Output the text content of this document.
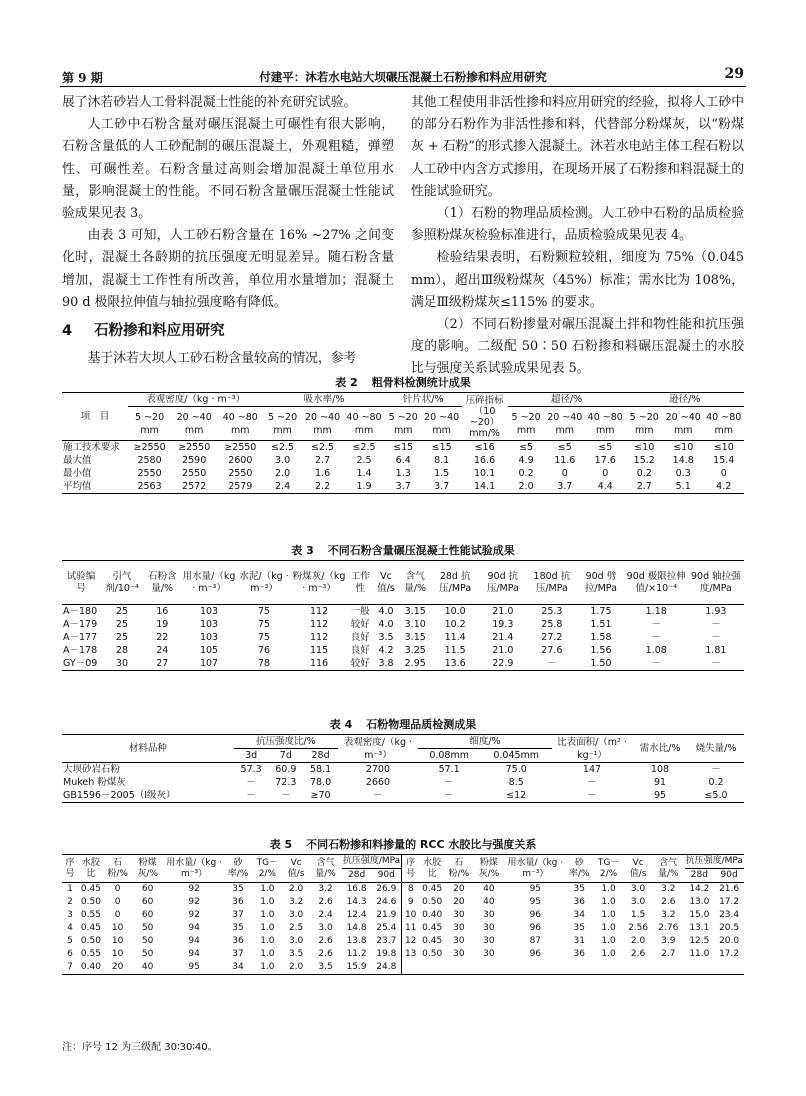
第 9 期	付建平：沐若水电站大坝碾压混凝土石粉掺和料应用研究	29

展了沐若砂岩人工骨料混凝土性能的补充研究试验。

人工砂中石粉含量对碾压混凝土可碾性有很大影响，石粉含量低的人工砂配制的碾压混凝土，外观粗糙，弹塑性、可碾性差。石粉含量过高则会增加混凝土单位用水量，影响混凝土的性能。不同石粉含量碾压混凝土性能试验成果见表 3。

由表 3 可知，人工砂石粉含量在 16% ~27% 之间变化时，混凝土各龄期的抗压强度无明显差异。随石粉含量增加，混凝土工作性有所改善，单位用水量增加；混凝土 90 d 极限拉伸值与轴拉强度略有降低。

4 石粉掺和料应用研究

基于沐若大坝人工砂石粉含量较高的情况，参考

其他工程使用非活性掺和料应用研究的经验，拟将人工砂中的部分石粉作为非活性掺和料，代替部分粉煤灰，以“粉煤灰 + 石粉”的形式掺入混凝土。沐若水电站主体工程石粉以人工砂中内含方式掺用，在现场开展了石粉掺和料混凝土的性能试验研究。

（1）石粉的物理品质检测。人工砂中石粉的品质检验参照粉煤灰检验标准进行，品质检验成果见表 4。

检验结果表明，石粉颗粒较粗，细度为 75%（0.045 mm），超出Ⅲ级粉煤灰（45%）标准；需水比为 108%，满足Ⅲ级粉煤灰≤115% 的要求。

（2）不同石粉掺量对碾压混凝土拌和物性能和抗压强度的影响。二级配 50∶50 石粉掺和料碾压混凝土的水胶比与强度关系试验成果见表 5。

表 2 粗骨料检测统计成果
项　目	表观密度/（kg · m⁻³）			吸水率/%			针片状/%		压碎指标（10 ~20）mm/%	超径/%			逊径/%		
	5 ~20 mm	20 ~40 mm	40 ~80 mm	5 ~20 mm	20 ~40 mm	40 ~80 mm	5 ~20 mm	20 ~40 mm		5 ~20 mm	20 ~40 mm	40 ~80 mm	5 ~20 mm	20 ~40 mm	40 ~80 mm
施工技术要求	≥2550	≥2550	≥2550	≤2.5	≤2.5	≤2.5	≤15	≤15	≤16	≤5	≤5	≤5	≤10	≤10	≤10
最大值	2580	2590	2600	3.0	2.7	2.5	6.4	8.1	16.6	4.9	11.6	17.6	15.2	14.8	15.4
最小值	2550	2550	2550	2.0	1.6	1.4	1.3	1.5	10.1	0.2	0	0	0.2	0.3	0
平均值	2563	2572	2579	2.4	2.2	1.9	3.7	3.7	14.1	2.0	3.7	4.4	2.7	5.1	4.2
表 3 不同石粉含量碾压混凝土性能试验成果
试验编号	引气剂/10⁻⁴	石粉含量/%	用水量/（kg · m⁻³）	水泥/（kg · m⁻³）	粉煤灰/（kg · m⁻³）	工作性	Vc 值/s	含气量/%	28d 抗压/MPa	90d 抗压/MPa	180d 抗压/MPa	90d 劈拉/MPa	90d 极限拉伸值/×10⁻⁴	90d 轴拉强度/MPa
A－180	25	16	103	75	112	一般	4.0	3.15	10.0	21.0	25.3	1.75	1.18	1.93
A－179	25	19	103	75	112	较好	4.0	3.10	10.2	19.3	25.8	1.51	－	－
A－177	25	22	103	75	112	良好	3.5	3.15	11.4	21.4	27.2	1.58	－	－
A－178	28	24	105	76	115	良好	4.2	3.25	11.5	21.0	27.6	1.56	1.08	1.81
GY－09	30	27	107	78	116	较好	3.8	2.95	13.6	22.9	－	1.50	－	－
表 4 石粉物理品质检测成果
材料品种	抗压强度比/%			表观密度/（kg · m⁻³）	细度/%		比表面积/（m² · kg⁻¹）	需水比/%	烧失量/%
	3d	7d	28d		0.08mm	0.045mm			
大坝砂岩石粉	57.3	60.9	58.1	2700	57.1	75.0	147	108	－
Mukeh 粉煤灰	－	72.3	78.0	2660	－	8.5	－	91	0.2
GB1596－2005（Ⅰ级灰）	－	－	≥70	－	－	≤12	－	95	≤5.0
表 5 不同石粉掺和料掺量的 RCC 水胶比与强度关系
序号	水胶比	石粉/%	粉煤灰/%	用水量/（kg · m⁻³）	砂率/%	TG－2/%	Vc 值/s	含气量/%	抗压强度/MPa		序号	水胶比	石粉/%	粉煤灰/%	用水量/（kg · m⁻³）	砂率/%	TG－2/%	Vc 值/s	含气量/%	抗压强度/MPa	
									28d	90d										28d	90d
1	0.45	0	60	92	35	1.0	2.0	3.2	16.8	26.9	8	0.45	20	40	95	35	1.0	3.0	3.2	14.2	21.6
2	0.50	0	60	92	36	1.0	3.2	2.6	14.3	24.6	9	0.50	20	40	95	36	1.0	3.0	2.6	13.0	17.2
3	0.55	0	60	92	37	1.0	3.0	2.4	12.4	21.9	10	0.40	30	30	96	34	1.0	1.5	3.2	15.0	23.4
4	0.45	10	50	94	35	1.0	2.5	3.0	14.8	25.4	11	0.45	30	30	96	35	1.0	2.56	2.76	13.1	20.5
5	0.50	10	50	94	36	1.0	3.0	2.6	13.8	23.7	12	0.45	30	30	87	31	1.0	2.0	3.9	12.5	20.0
6	0.55	10	50	94	37	1.0	3.5	2.6	11.2	19.8	13	0.50	30	30	96	36	1.0	2.6	2.7	11.0	17.2
7	0.40	20	40	95	34	1.0	2.0	3.5	15.9	24.8											
注：序号 12 为三级配 30∶30∶40。
